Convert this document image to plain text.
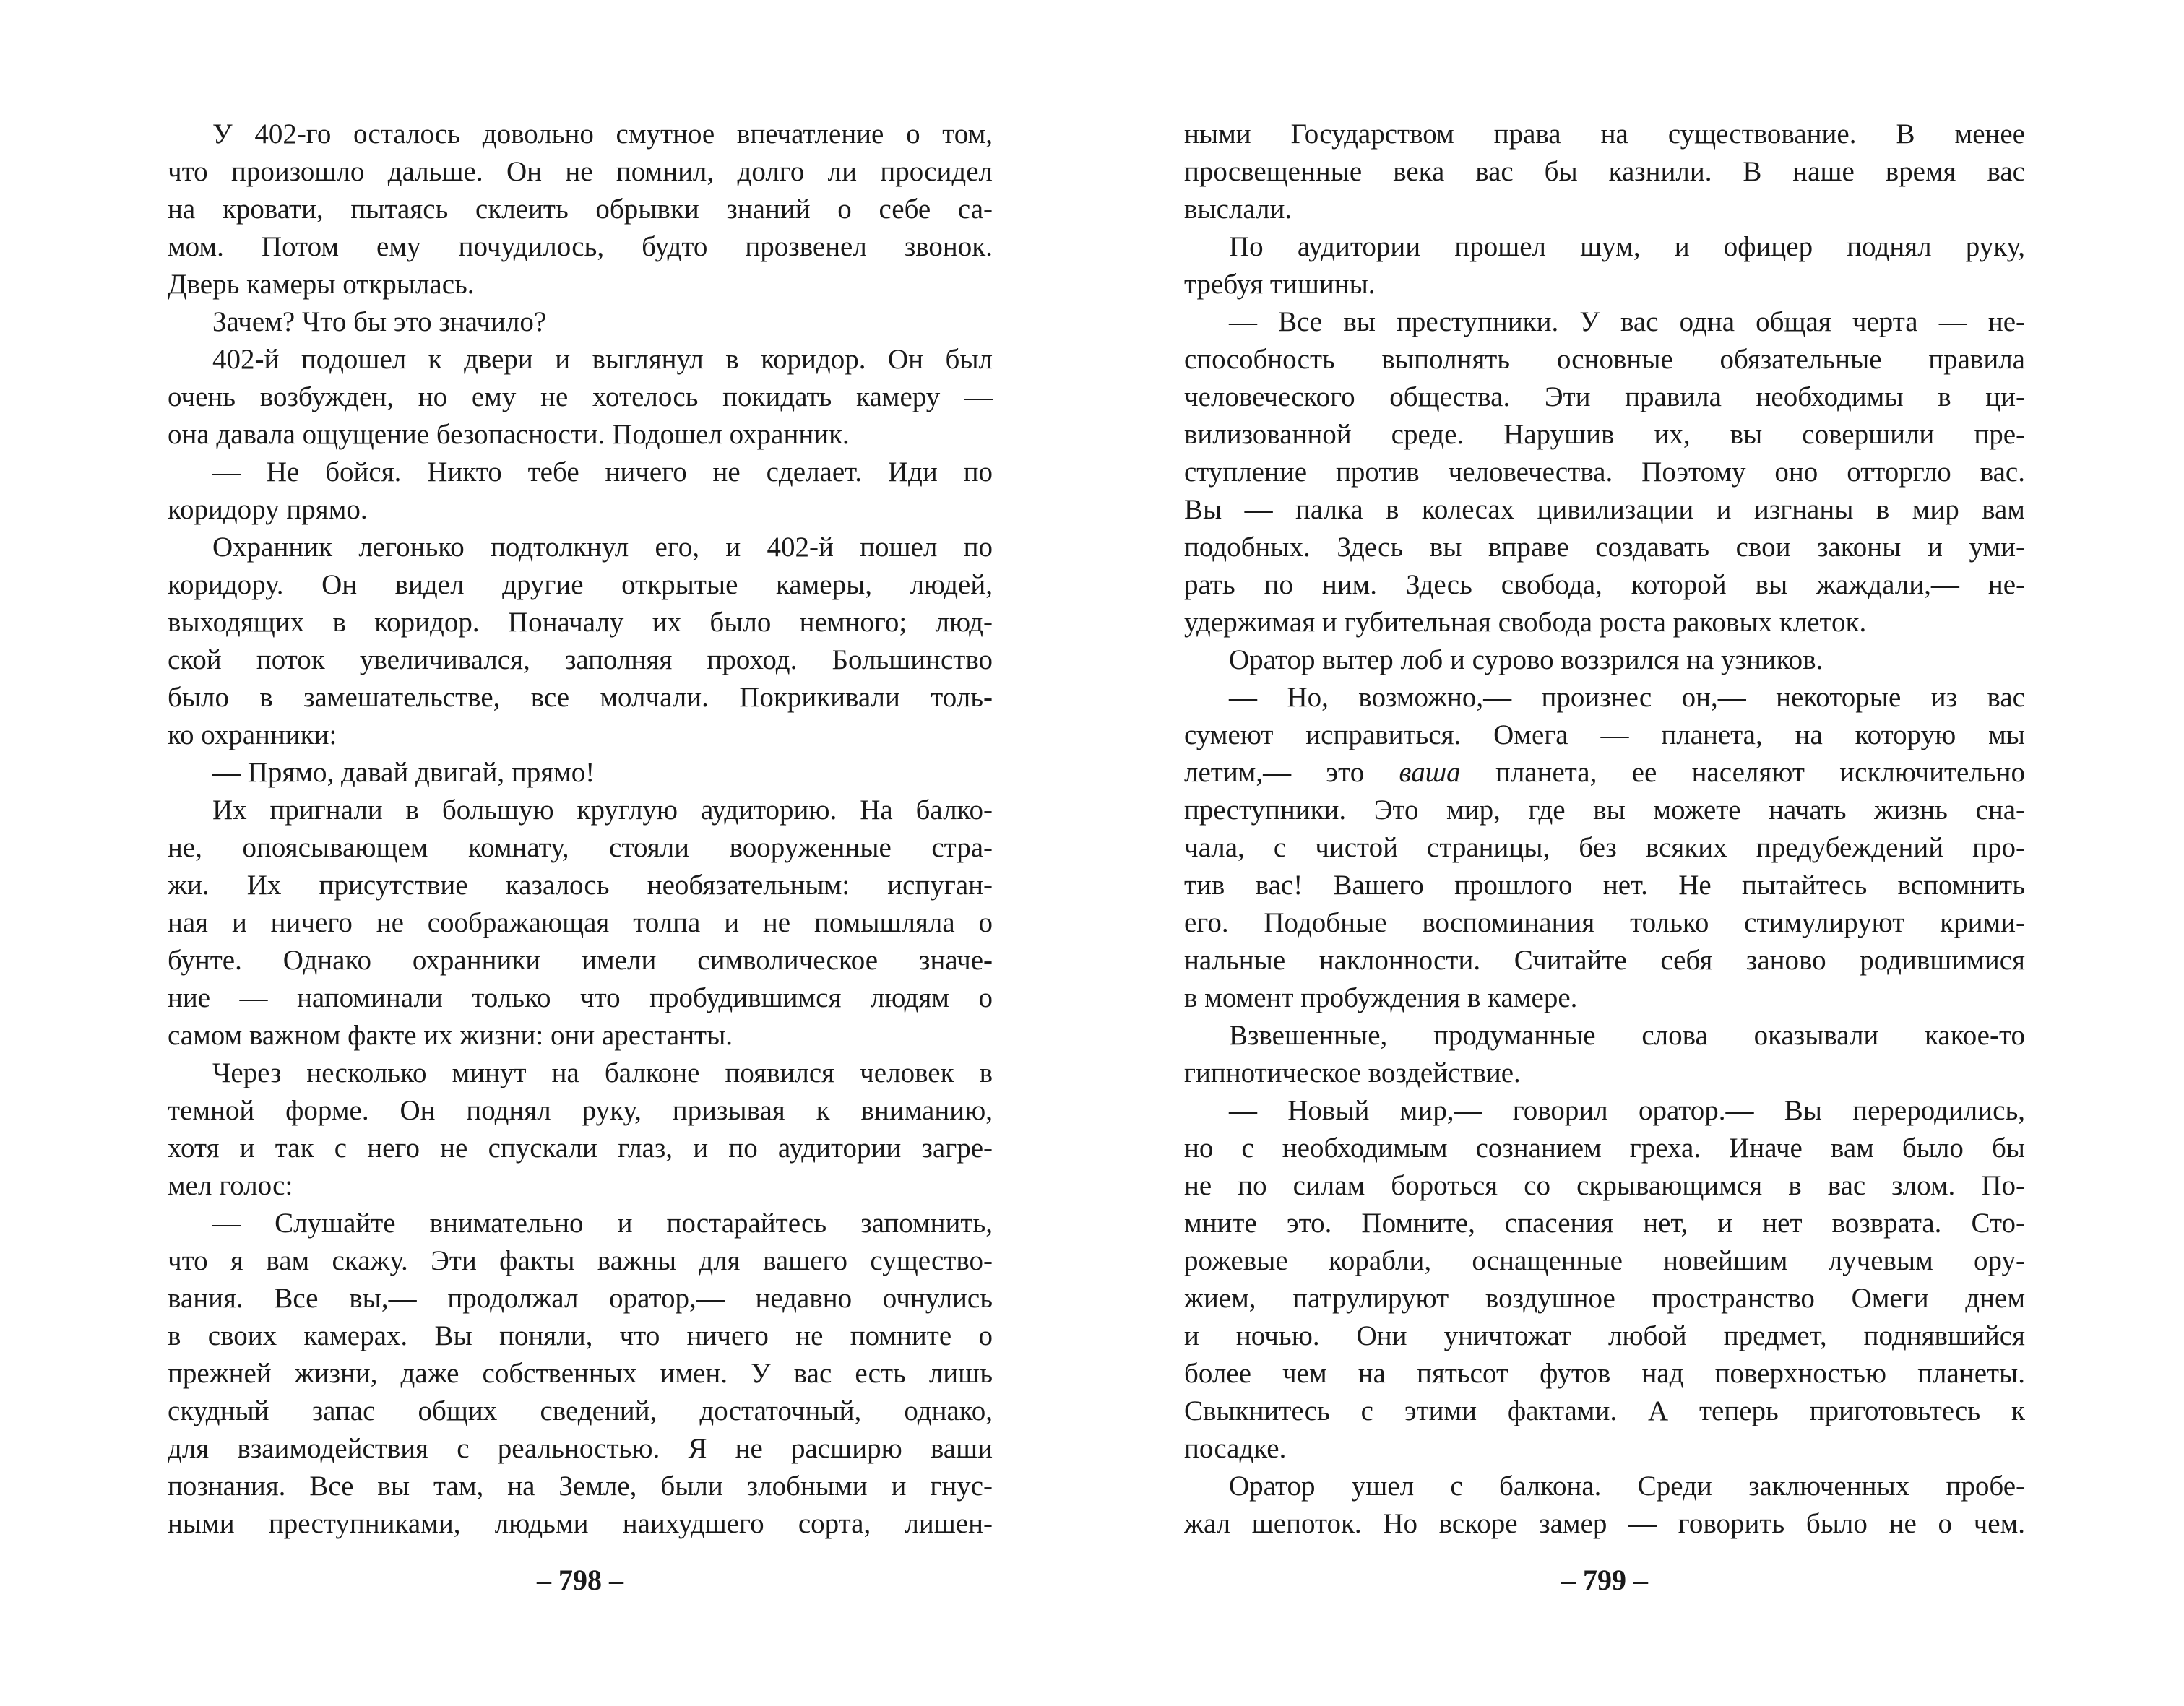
У 402-го осталось довольно смутное впечатление о том,
что произошло дальше. Он не помнил, долго ли просидел
на кровати, пытаясь склеить обрывки знаний о себе са-
мом. Потом ему почудилось, будто прозвенел звонок.
Дверь камеры открылась.
Зачем? Что бы это значило?
402-й подошел к двери и выглянул в коридор. Он был
очень возбужден, но ему не хотелось покидать камеру —
она давала ощущение безопасности. Подошел охранник.
— Не бойся. Никто тебе ничего не сделает. Иди по
коридору прямо.
Охранник легонько подтолкнул его, и 402-й пошел по
коридору. Он видел другие открытые камеры, людей,
выходящих в коридор. Поначалу их было немного; люд-
ской поток увеличивался, заполняя проход. Большинство
было в замешательстве, все молчали. Покрикивали толь-
ко охранники:
— Прямо, давай двигай, прямо!
Их пригнали в большую круглую аудиторию. На балко-
не, опоясывающем комнату, стояли вооруженные стра-
жи. Их присутствие казалось необязательным: испуган-
ная и ничего не соображающая толпа и не помышляла о
бунте. Однако охранники имели символическое значе-
ние — напоминали только что пробудившимся людям о
самом важном факте их жизни: они арестанты.
Через несколько минут на балконе появился человек в
темной форме. Он поднял руку, призывая к вниманию,
хотя и так с него не спускали глаз, и по аудитории загре-
мел голос:
— Слушайте внимательно и постарайтесь запомнить,
что я вам скажу. Эти факты важны для вашего существо-
вания. Все вы,— продолжал оратор,— недавно очнулись
в своих камерах. Вы поняли, что ничего не помните о
прежней жизни, даже собственных имен. У вас есть лишь
скудный запас общих сведений, достаточный, однако,
для взаимодействия с реальностью. Я не расширю ваши
познания. Все вы там, на Земле, были злобными и гнус-
ными преступниками, людьми наихудшего сорта, лишен-
– 798 –
ными Государством права на существование. В менее
просвещенные века вас бы казнили. В наше время вас
выслали.
По аудитории прошел шум, и офицер поднял руку,
требуя тишины.
— Все вы преступники. У вас одна общая черта — не-
способность выполнять основные обязательные правила
человеческого общества. Эти правила необходимы в ци-
вилизованной среде. Нарушив их, вы совершили пре-
ступление против человечества. Поэтому оно отторгло вас.
Вы — палка в колесах цивилизации и изгнаны в мир вам
подобных. Здесь вы вправе создавать свои законы и уми-
рать по ним. Здесь свобода, которой вы жаждали,— не-
удержимая и губительная свобода роста раковых клеток.
Оратор вытер лоб и сурово воззрился на узников.
— Но, возможно,— произнес он,— некоторые из вас
сумеют исправиться. Омега — планета, на которую мы
летим,— это ваша планета, ее населяют исключительно
преступники. Это мир, где вы можете начать жизнь сна-
чала, с чистой страницы, без всяких предубеждений про-
тив вас! Вашего прошлого нет. Не пытайтесь вспомнить
его. Подобные воспоминания только стимулируют крими-
нальные наклонности. Считайте себя заново родившимися
в момент пробуждения в камере.
Взвешенные, продуманные слова оказывали какое-то
гипнотическое воздействие.
— Новый мир,— говорил оратор.— Вы переродились,
но с необходимым сознанием греха. Иначе вам было бы
не по силам бороться со скрывающимся в вас злом. По-
мните это. Помните, спасения нет, и нет возврата. Сто-
рожевые корабли, оснащенные новейшим лучевым ору-
жием, патрулируют воздушное пространство Омеги днем
и ночью. Они уничтожат любой предмет, поднявшийся
более чем на пятьсот футов над поверхностью планеты.
Свыкнитесь с этими фактами. А теперь приготовьтесь к
посадке.
Оратор ушел с балкона. Среди заключенных пробе-
жал шепоток. Но вскоре замер — говорить было не о чем.
– 799 –
